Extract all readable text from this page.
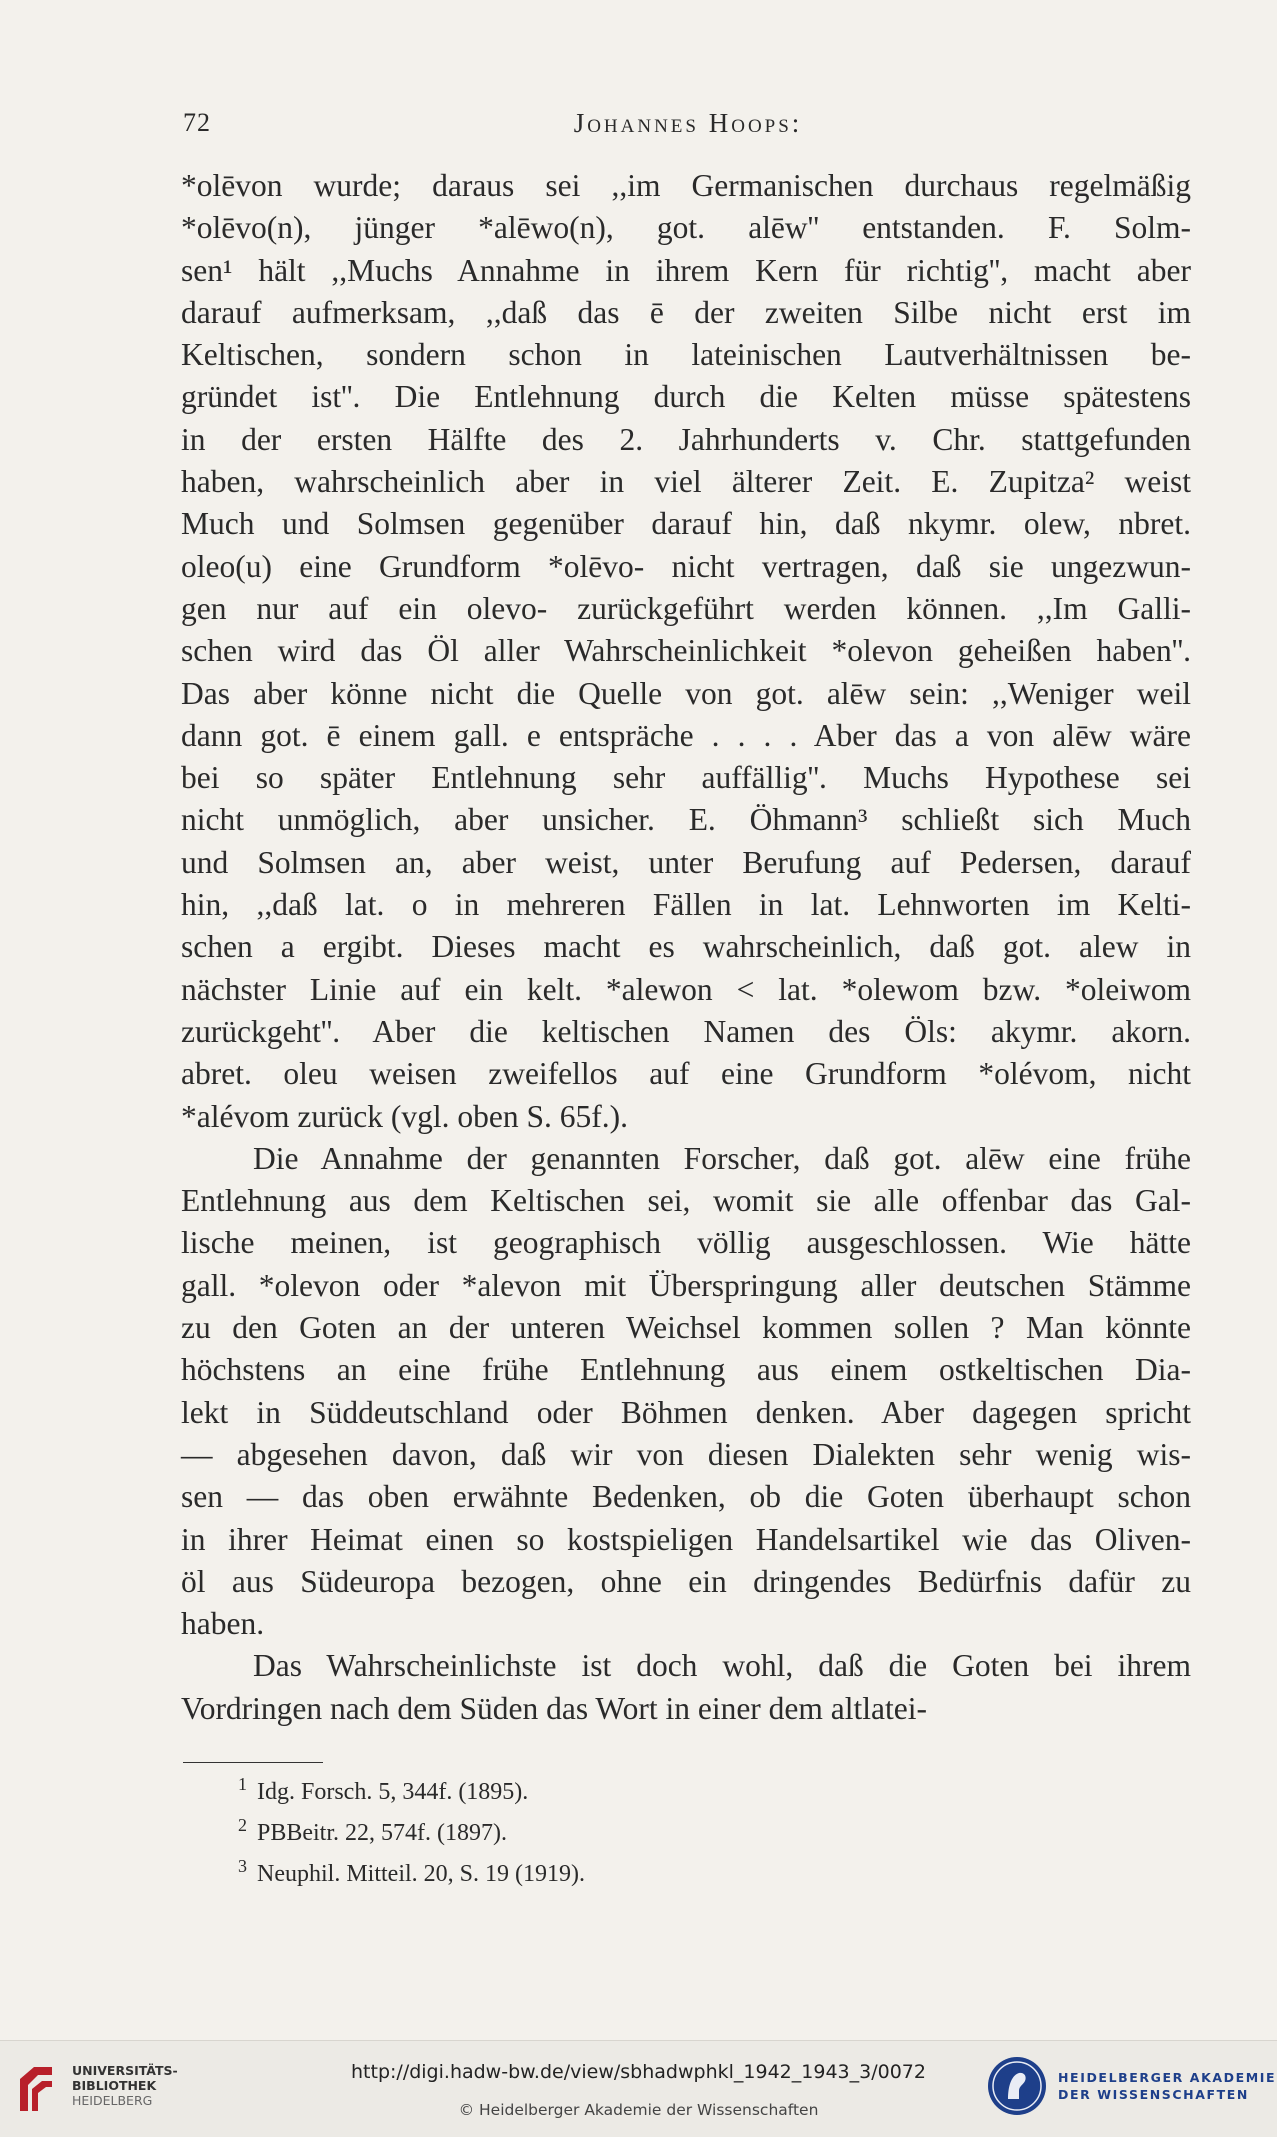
72	Johannes Hoops:
*olēvon wurde; daraus sei ,,im Germanischen durchaus regelmäßig
*olēvo(n), jünger *alēwo(n), got. alēw'' entstanden. F. Solm-
sen¹ hält ,,Muchs Annahme in ihrem Kern für richtig'', macht aber
darauf aufmerksam, ,,daß das ē der zweiten Silbe nicht erst im
Keltischen, sondern schon in lateinischen Lautverhältnissen be-
gründet ist''. Die Entlehnung durch die Kelten müsse spätestens
in der ersten Hälfte des 2. Jahrhunderts v. Chr. stattgefunden
haben, wahrscheinlich aber in viel älterer Zeit. E. Zupitza² weist
Much und Solmsen gegenüber darauf hin, daß nkymr. olew, nbret.
oleo(u) eine Grundform *olēvo- nicht vertragen, daß sie ungezwun-
gen nur auf ein olevo- zurückgeführt werden können. ,,Im Galli-
schen wird das Öl aller Wahrscheinlichkeit *olevon geheißen haben''.
Das aber könne nicht die Quelle von got. alēw sein: ,,Weniger weil
dann got. ē einem gall. e entspräche . . . . Aber das a von alēw wäre
bei so später Entlehnung sehr auffällig''. Muchs Hypothese sei
nicht unmöglich, aber unsicher. E. Öhmann³ schließt sich Much
und Solmsen an, aber weist, unter Berufung auf Pedersen, darauf
hin, ,,daß lat. o in mehreren Fällen in lat. Lehnworten im Kelti-
schen a ergibt. Dieses macht es wahrscheinlich, daß got. alew in
nächster Linie auf ein kelt. *alewon < lat. *olewom bzw. *oleiwom
zurückgeht''. Aber die keltischen Namen des Öls: akymr. akorn.
abret. oleu weisen zweifellos auf eine Grundform *olévom, nicht
*alévom zurück (vgl. oben S. 65f.).
Die Annahme der genannten Forscher, daß got. alēw eine frühe
Entlehnung aus dem Keltischen sei, womit sie alle offenbar das Gal-
lische meinen, ist geographisch völlig ausgeschlossen. Wie hätte
gall. *olevon oder *alevon mit Überspringung aller deutschen Stämme
zu den Goten an der unteren Weichsel kommen sollen ? Man könnte
höchstens an eine frühe Entlehnung aus einem ostkeltischen Dia-
lekt in Süddeutschland oder Böhmen denken. Aber dagegen spricht
— abgesehen davon, daß wir von diesen Dialekten sehr wenig wis-
sen — das oben erwähnte Bedenken, ob die Goten überhaupt schon
in ihrer Heimat einen so kostspieligen Handelsartikel wie das Oliven-
öl aus Südeuropa bezogen, ohne ein dringendes Bedürfnis dafür zu
haben.
Das Wahrscheinlichste ist doch wohl, daß die Goten bei ihrem
Vordringen nach dem Süden das Wort in einer dem altlatei-
$^1$ Idg. Forsch. 5, 344f. (1895).
$^2$ PBBeitr. 22, 574f. (1897).
$^3$ Neuphil. Mitteil. 20, S. 19 (1919).
UNIVERSITÄTS-
BIBLIOTHEK
HEIDELBERG
http://digi.hadw-bw.de/view/sbhadwphkl_1942_1943_3/0072
© Heidelberger Akademie der Wissenschaften
HEIDELBERGER AKADEMIE
DER WISSENSCHAFTEN
